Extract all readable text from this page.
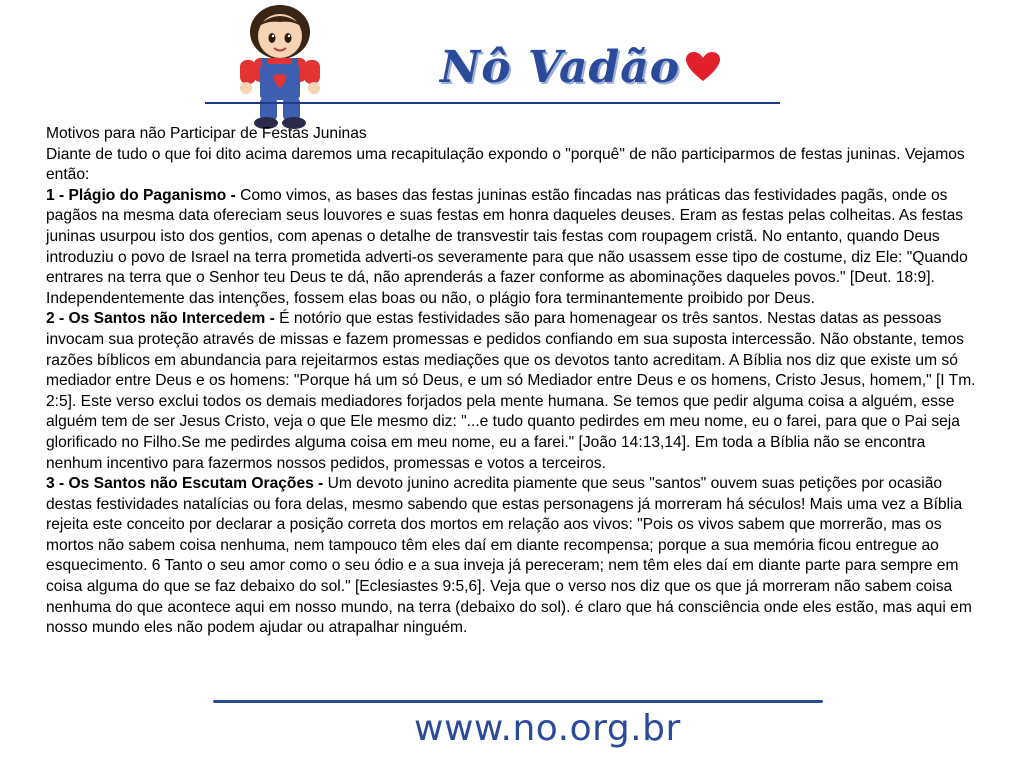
Nô Vadão

Motivos para não Participar de Festas Juninas

Diante de tudo o que foi dito acima daremos uma recapitulação expondo o "porquê" de não participarmos de festas juninas. Vejamos então:

1 - Plágio do Paganismo - Como vimos, as bases das festas juninas estão fincadas nas práticas das festividades pagãs, onde os pagãos na mesma data ofereciam seus louvores e suas festas em honra daqueles deuses. Eram as festas pelas colheitas. As festas juninas usurpou isto dos gentios, com apenas o detalhe de transvestir tais festas com roupagem cristã. No entanto, quando Deus introduziu o povo de Israel na terra prometida adverti-os severamente para que não usassem esse tipo de costume, diz Ele: "Quando entrares na terra que o Senhor teu Deus te dá, não aprenderás a fazer conforme as abominações daqueles povos." [Deut. 18:9]. Independentemente das intenções, fossem elas boas ou não, o plágio fora terminantemente proibido por Deus.

2 - Os Santos não Intercedem - É notório que estas festividades são para homenagear os três santos. Nestas datas as pessoas invocam sua proteção através de missas e fazem promessas e pedidos confiando em sua suposta intercessão. Não obstante, temos razões bíblicos em abundancia para rejeitarmos estas mediações que os devotos tanto acreditam. A Bíblia nos diz que existe um só mediador entre Deus e os homens: "Porque há um só Deus, e um só Mediador entre Deus e os homens, Cristo Jesus, homem," [I Tm. 2:5]. Este verso exclui todos os demais mediadores forjados pela mente humana. Se temos que pedir alguma coisa a alguém, esse alguém tem de ser Jesus Cristo, veja o que Ele mesmo diz: "...e tudo quanto pedirdes em meu nome, eu o farei, para que o Pai seja glorificado no Filho.Se me pedirdes alguma coisa em meu nome, eu a farei." [João 14:13,14]. Em toda a Bíblia não se encontra nenhum incentivo para fazermos nossos pedidos, promessas e votos a terceiros.

3 - Os Santos não Escutam Orações - Um devoto junino acredita piamente que seus "santos" ouvem suas petições por ocasião destas festividades natalícias ou fora delas, mesmo sabendo que estas personagens já morreram há séculos! Mais uma vez a Bíblia rejeita este conceito por declarar a posição correta dos mortos em relação aos vivos: "Pois os vivos sabem que morrerão, mas os mortos não sabem coisa nenhuma, nem tampouco têm eles daí em diante recompensa; porque a sua memória ficou entregue ao esquecimento. 6 Tanto o seu amor como o seu ódio e a sua inveja já pereceram; nem têm eles daí em diante parte para sempre em coisa alguma do que se faz debaixo do sol." [Eclesiastes 9:5,6]. Veja que o verso nos diz que os que já morreram não sabem coisa nenhuma do que acontece aqui em nosso mundo, na terra (debaixo do sol). é claro que há consciência onde eles estão, mas aqui em nosso mundo eles não podem ajudar ou atrapalhar ninguém.

www.no.org.br
